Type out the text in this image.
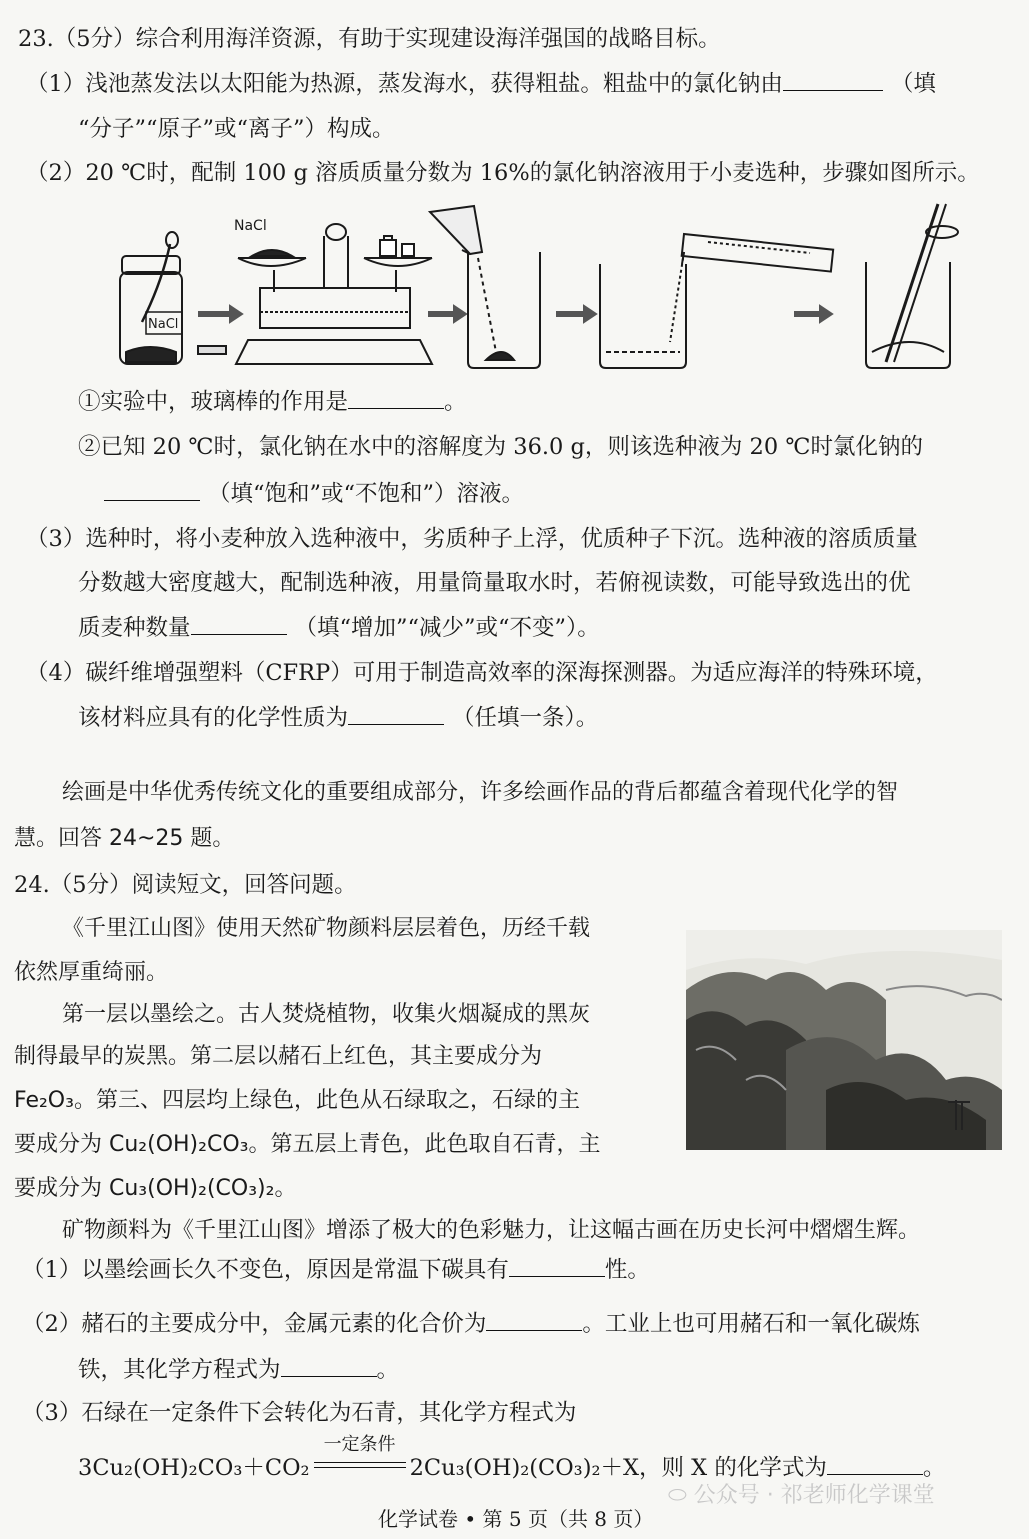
23.（5分）综合利用海洋资源，有助于实现建设海洋强国的战略目标。
（1）浅池蒸发法以太阳能为热源，蒸发海水，获得粗盐。粗盐中的氯化钠由	（填
“分子”“原子”或“离子”）构成。
（2）20 ℃时，配制 100 g 溶质质量分数为 16%的氯化钠溶液用于小麦选种，步骤如图所示。
NaCl
NaCl
①实验中，玻璃棒的作用是	。
②已知 20 ℃时，氯化钠在水中的溶解度为 36.0 g，则该选种液为 20 ℃时氯化钠的
（填“饱和”或“不饱和”）溶液。
（3）选种时，将小麦种放入选种液中，劣质种子上浮，优质种子下沉。选种液的溶质质量
分数越大密度越大，配制选种液，用量筒量取水时，若俯视读数，可能导致选出的优
质麦种数量	（填“增加”“减少”或“不变”）。
（4）碳纤维增强塑料（CFRP）可用于制造高效率的深海探测器。为适应海洋的特殊环境，
该材料应具有的化学性质为	（任填一条）。
绘画是中华优秀传统文化的重要组成部分，许多绘画作品的背后都蕴含着现代化学的智
慧。回答 24~25 题。
24.（5分）阅读短文，回答问题。
《千里江山图》使用天然矿物颜料层层着色，历经千载
依然厚重绮丽。
第一层以墨绘之。古人焚烧植物，收集火烟凝成的黑灰
制得最早的炭黑。第二层以赭石上红色，其主要成分为
Fe₂O₃。第三、四层均上绿色，此色从石绿取之，石绿的主
要成分为 Cu₂(OH)₂CO₃。第五层上青色，此色取自石青，主
要成分为 Cu₃(OH)₂(CO₃)₂。
矿物颜料为《千里江山图》增添了极大的色彩魅力，让这幅古画在历史长河中熠熠生辉。
（1）以墨绘画长久不变色，原因是常温下碳具有	性。
（2）赭石的主要成分中，金属元素的化合价为	。工业上也可用赭石和一氧化碳炼
铁，其化学方程式为	。
（3）石绿在一定条件下会转化为石青，其化学方程式为
3Cu₂(OH)₂CO₃＋CO₂
一定条件
2Cu₃(OH)₂(CO₃)₂＋X，则 X 的化学式为	。
化学试卷 • 第 5 页（共 8 页）
⬭ 公众号 · 祁老师化学课堂
